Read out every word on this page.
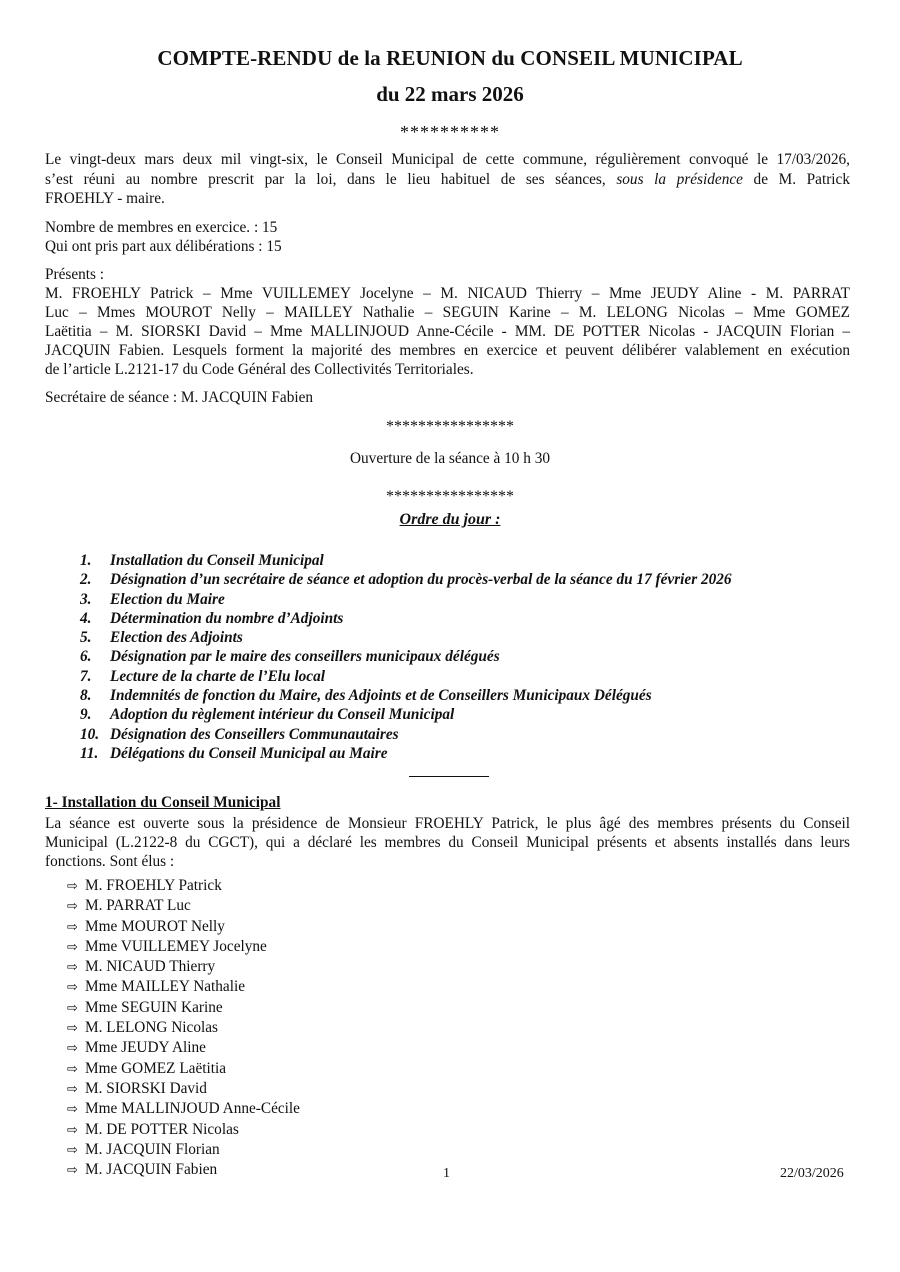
COMPTE-RENDU de la REUNION du CONSEIL MUNICIPAL
du 22 mars 2026
**********
Le vingt-deux mars deux mil vingt-six, le Conseil Municipal de cette commune, régulièrement convoqué le 17/03/2026,
s’est réuni au nombre prescrit par la loi, dans le lieu habituel de ses séances, sous la présidence de M. Patrick
FROEHLY - maire.
Nombre de membres en exercice. : 15
Qui ont pris part aux délibérations : 15
Présents :
M. FROEHLY Patrick – Mme VUILLEMEY Jocelyne – M. NICAUD Thierry – Mme JEUDY Aline - M. PARRAT
Luc – Mmes MOUROT Nelly – MAILLEY Nathalie – SEGUIN Karine – M. LELONG Nicolas – Mme GOMEZ
Laëtitia – M. SIORSKI David – Mme MALLINJOUD Anne-Cécile - MM. DE POTTER Nicolas - JACQUIN Florian –
JACQUIN Fabien. Lesquels forment la majorité des membres en exercice et peuvent délibérer valablement en exécution
de l’article L.2121-17 du Code Général des Collectivités Territoriales.
Secrétaire de séance : M. JACQUIN Fabien
****************
Ouverture de la séance à 10 h 30
****************
Ordre du jour :
1. Installation du Conseil Municipal
2. Désignation d’un secrétaire de séance et adoption du procès-verbal de la séance du 17 février 2026
3. Election du Maire
4. Détermination du nombre d’Adjoints
5. Election des Adjoints
6. Désignation par le maire des conseillers municipaux délégués
7. Lecture de la charte de l’Elu local
8. Indemnités de fonction du Maire, des Adjoints et de Conseillers Municipaux Délégués
9. Adoption du règlement intérieur du Conseil Municipal
10. Désignation des Conseillers Communautaires
11. Délégations du Conseil Municipal au Maire
1- Installation du Conseil Municipal
La séance est ouverte sous la présidence de Monsieur FROEHLY Patrick, le plus âgé des membres présents du Conseil
Municipal (L.2122-8 du CGCT), qui a déclaré les membres du Conseil Municipal présents et absents installés dans leurs
fonctions. Sont élus :
⇨ M. FROEHLY Patrick
⇨ M. PARRAT Luc
⇨ Mme MOUROT Nelly
⇨ Mme VUILLEMEY Jocelyne
⇨ M. NICAUD Thierry
⇨ Mme MAILLEY Nathalie
⇨ Mme SEGUIN Karine
⇨ M. LELONG Nicolas
⇨ Mme JEUDY Aline
⇨ Mme GOMEZ Laëtitia
⇨ M. SIORSKI David
⇨ Mme MALLINJOUD Anne-Cécile
⇨ M. DE POTTER Nicolas
⇨ M. JACQUIN Florian
⇨ M. JACQUIN Fabien	1	22/03/2026
